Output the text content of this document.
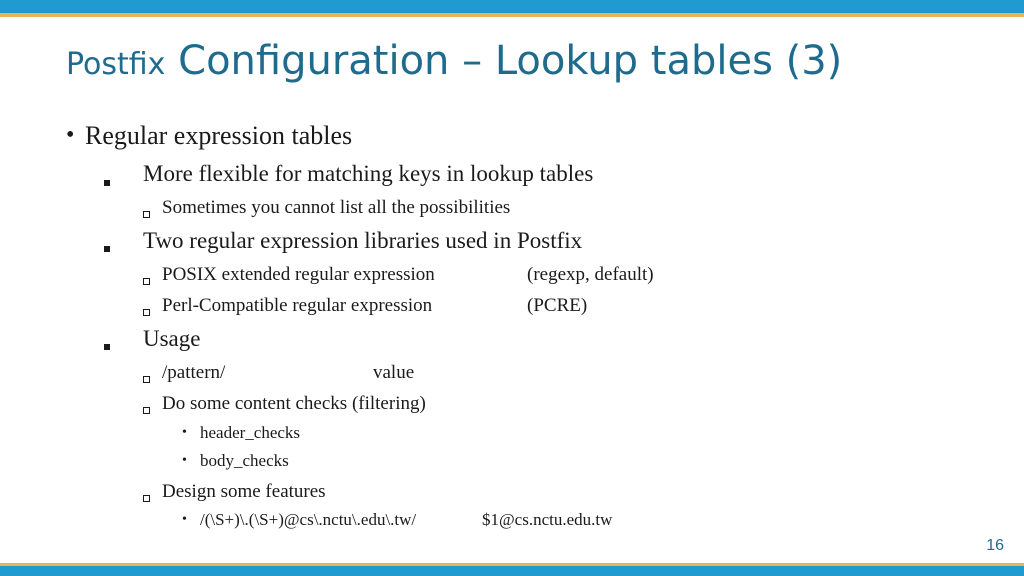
Postfix Configuration – Lookup tables (3)
• Regular expression tables
More flexible for matching keys in lookup tables
Sometimes you cannot list all the possibilities
Two regular expression libraries used in Postfix
POSIX extended regular expression	(regexp, default)
Perl-Compatible regular expression	(PCRE)
Usage
/pattern/	value
Do some content checks (filtering)
• header_checks
• body_checks
Design some features
• /(\S+)\.(\S+)@cs\.nctu\.edu\.tw/	$1@cs.nctu.edu.tw
16
